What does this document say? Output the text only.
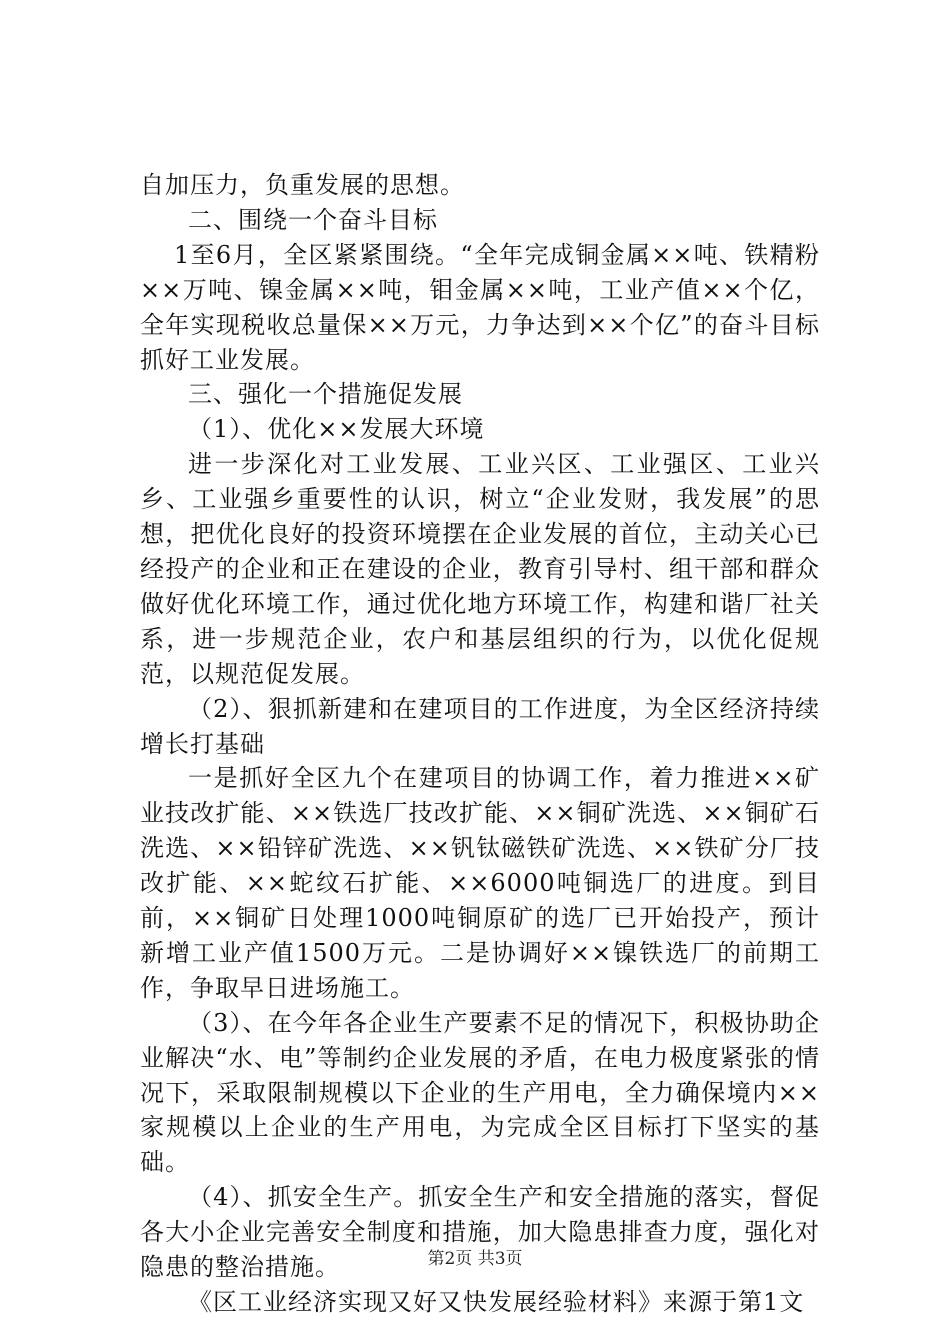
自加压力，负重发展的思想。

二、围绕一个奋斗目标

1至6月，全区紧紧围绕。“全年完成铜金属××吨、铁精粉××万吨、镍金属××吨，钼金属××吨，工业产值××个亿，全年实现税收总量保××万元，力争达到××个亿”的奋斗目标抓好工业发展。

三、强化一个措施促发展

（1）、优化××发展大环境

进一步深化对工业发展、工业兴区、工业强区、工业兴乡、工业强乡重要性的认识，树立“企业发财，我发展”的思想，把优化良好的投资环境摆在企业发展的首位，主动关心已经投产的企业和正在建设的企业，教育引导村、组干部和群众做好优化环境工作，通过优化地方环境工作，构建和谐厂社关系，进一步规范企业，农户和基层组织的行为，以优化促规范，以规范促发展。

（2）、狠抓新建和在建项目的工作进度，为全区经济持续增长打基础

一是抓好全区九个在建项目的协调工作，着力推进××矿业技改扩能、××铁选厂技改扩能、××铜矿洗选、××铜矿石洗选、××铅锌矿洗选、××钒钛磁铁矿洗选、××铁矿分厂技改扩能、××蛇纹石扩能、××6000吨铜选厂的进度。到目前，××铜矿日处理1000吨铜原矿的选厂已开始投产，预计新增工业产值1500万元。二是协调好××镍铁选厂的前期工作，争取早日进场施工。

（3）、在今年各企业生产要素不足的情况下，积极协助企业解决“水、电”等制约企业发展的矛盾，在电力极度紧张的情况下，采取限制规模以下企业的生产用电，全力确保境内××家规模以上企业的生产用电，为完成全区目标打下坚实的基础。

（4）、抓安全生产。抓安全生产和安全措施的落实，督促各大小企业完善安全制度和措施，加大隐患排查力度，强化对隐患的整治措施。

《区工业经济实现又好又快发展经验材料》来源于第1文

第2页 共3页
